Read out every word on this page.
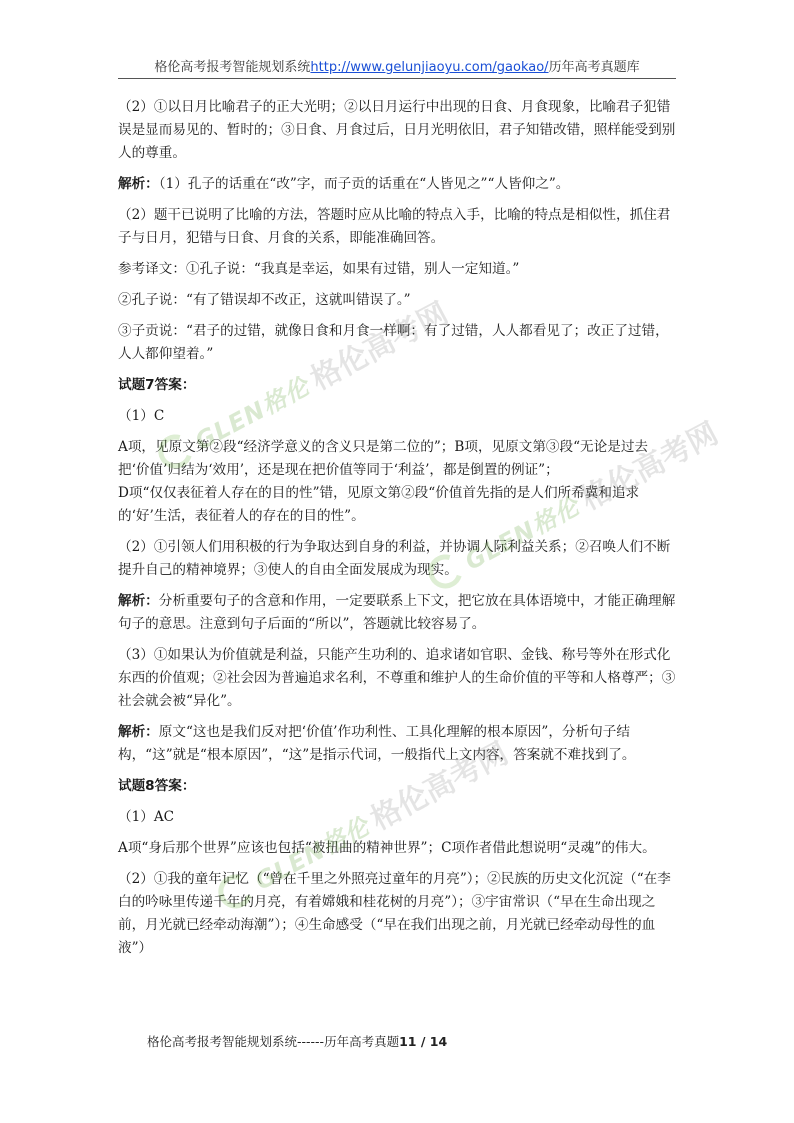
格伦高考报考智能规划系统http://www.gelunjiaoyu.com/gaokao/历年高考真题库

（2）①以日月比喻君子的正大光明；②以日月运行中出现的日食、月食现象，比喻君子犯错误是显而易见的、暂时的；③日食、月食过后，日月光明依旧，君子知错改错，照样能受到别人的尊重。

解析：（1）孔子的话重在“改”字，而子贡的话重在“人皆见之”“人皆仰之”。

（2）题干已说明了比喻的方法，答题时应从比喻的特点入手，比喻的特点是相似性，抓住君子与日月，犯错与日食、月食的关系，即能准确回答。

参考译文：①孔子说：“我真是幸运，如果有过错，别人一定知道。”

②孔子说：“有了错误却不改正，这就叫错误了。”

③子贡说：“君子的过错，就像日食和月食一样啊：有了过错，人人都看见了；改正了过错，人人都仰望着。”

试题7答案：

（1）C

A项，见原文第②段“经济学意义的含义只是第二位的”；B项，见原文第③段“无论是过去把‘价值’归结为‘效用’，还是现在把价值等同于‘利益’，都是倒置的例证”；

D项“仅仅表征着人存在的目的性”错，见原文第②段“价值首先指的是人们所希冀和追求的‘好’生活，表征着人的存在的目的性”。

（2）①引领人们用积极的行为争取达到自身的利益，并协调人际利益关系；②召唤人们不断提升自己的精神境界；③使人的自由全面发展成为现实。

解析：分析重要句子的含意和作用，一定要联系上下文，把它放在具体语境中，才能正确理解句子的意思。注意到句子后面的“所以”，答题就比较容易了。

（3）①如果认为价值就是利益，只能产生功利的、追求诸如官职、金钱、称号等外在形式化东西的价值观；②社会因为普遍追求名利，不尊重和维护人的生命价值的平等和人格尊严；③社会就会被“异化”。

解析：原文“这也是我们反对把‘价值’作功利性、工具化理解的根本原因”，分析句子结构，“这”就是“根本原因”，“这”是指示代词，一般指代上文内容，答案就不难找到了。

试题8答案：

（1）AC

A项“身后那个世界”应该也包括“被扭曲的精神世界”；C项作者借此想说明“灵魂”的伟大。

（2）①我的童年记忆（“曾在千里之外照亮过童年的月亮”）；②民族的历史文化沉淀（“在李白的吟咏里传递千年的月亮，有着嫦娥和桂花树的月亮”）；③宇宙常识（“早在生命出现之前，月光就已经牵动海潮”）；④生命感受（“早在我们出现之前，月光就已经牵动母性的血液”）

GLEN格伦
格伦高考网
GLEN格伦
格伦高考网
GLEN格伦
格伦高考网
格伦高考报考智能规划系统------历年高考真题11 / 14
